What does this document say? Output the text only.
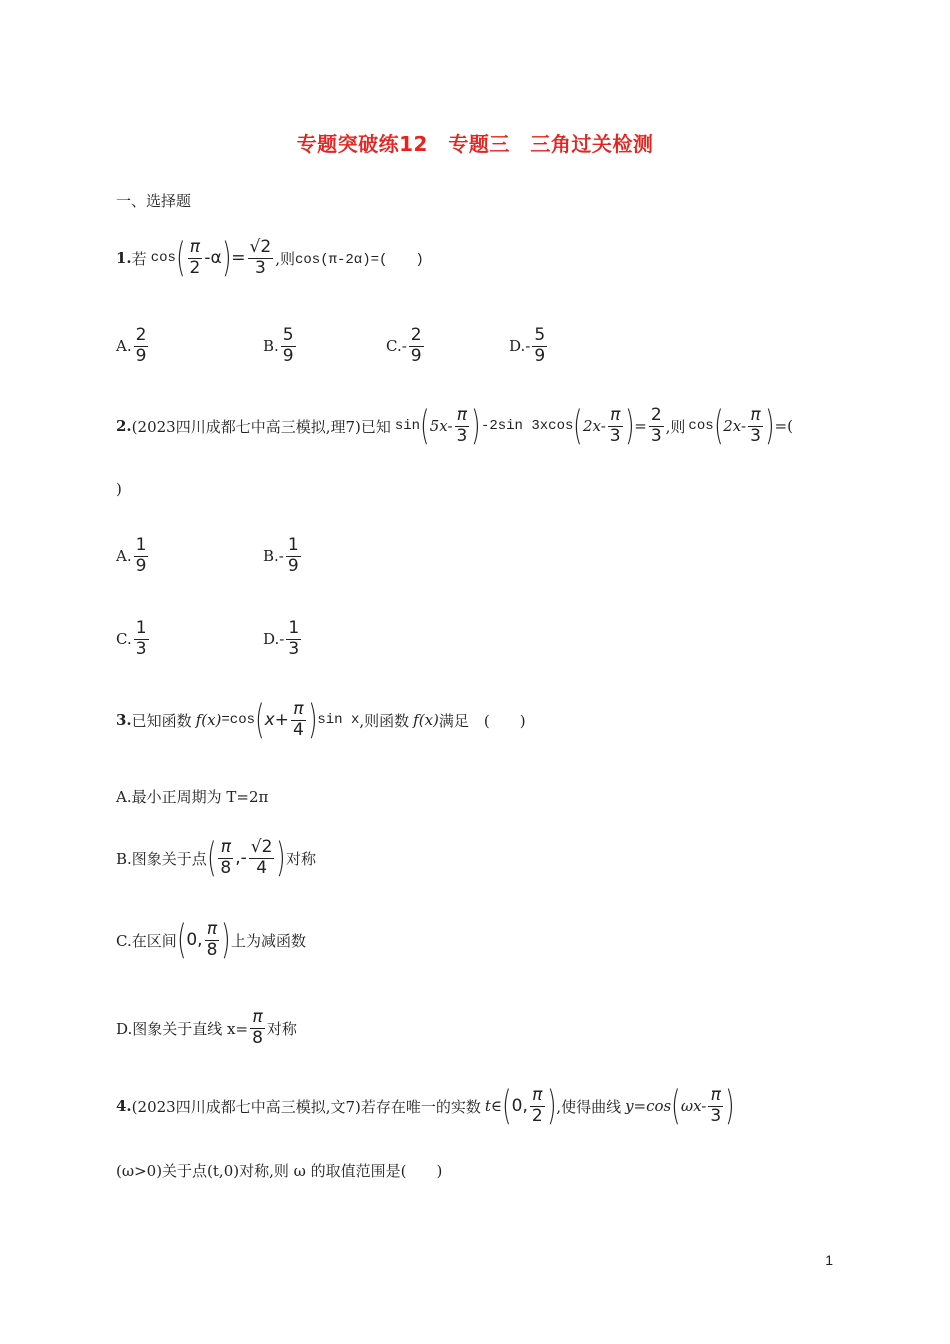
专题突破练12　专题三　三角过关检测
一、选择题
1. 若 cos ( $\frac{\pi}{2} -\alpha$ ) = $\frac{√2}{3}$ ,则 cos(π-2α)=(　　)
A. $\frac{2}{9}$	B. $\frac{5}{9}$	C. - $\frac{2}{9}$	D. - $\frac{5}{9}$
2. (2023四川成都七中高三模拟,理7)已知 sin ( $5x- \frac{\pi}{3}$ ) -2sin 3xcos ( $2x- \frac{\pi}{3}$ ) = $\frac{2}{3}$ ,则 cos ( $2x- \frac{\pi}{3}$ ) =(
)
A. $\frac{1}{9}$	B. - $\frac{1}{9}$
C. $\frac{1}{3}$	D. - $\frac{1}{3}$
3. 已知函数 f(x) =cos ( $x+ \frac{\pi}{4}$ ) sin x ,则函数 f(x) 满足　(　　)
A.最小正周期为 T=2π
B.图象关于点 ( $\frac{\pi}{8}$ ,- $\frac{√2}{4}$ ) 对称
C.在区间 ( 0, $\frac{\pi}{8}$ ) 上为减函数
D.图象关于直线 $x= \frac{\pi}{8}$ 对称
4. (2023四川成都七中高三模拟,文7)若存在唯一的实数 t∈ ( 0, $\frac{\pi}{2}$ ) ,使得曲线 y=cos ( $\omega x- \frac{\pi}{3}$ )
(ω>0)关于点(t,0)对称,则 ω 的取值范围是(　　)
1
